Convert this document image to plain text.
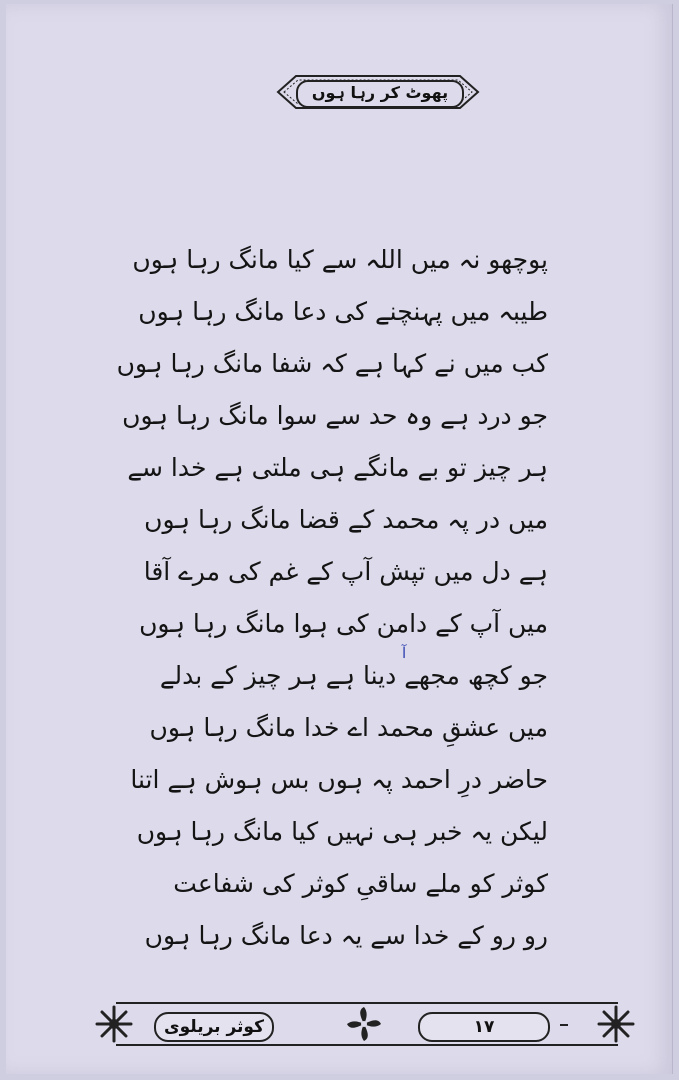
پھوٹ کر رہا ہوں
پوچھو نہ میں اللہ سے کیا مانگ رہا ہوں
طیبہ میں پہنچنے کی دعا مانگ رہا ہوں
کب میں نے کہا ہے کہ شفا مانگ رہا ہوں
جو درد ہے وہ حد سے سوا مانگ رہا ہوں
ہر چیز تو بے مانگے ہی ملتی ہے خدا سے
میں در پہ محمد کے قضا مانگ رہا ہوں
ہے دل میں تپش آپ کے غم کی مرے آقا
میں آپ کے دامن کی ہوا مانگ رہا ہوں
جو کچھ مجھے دینا ہے ہر چیز کے بدلے
میں عشقِ محمد اے خدا مانگ رہا ہوں
حاضر درِ احمد پہ ہوں بس ہوش ہے اتنا
لیکن یہ خبر ہی نہیں کیا مانگ رہا ہوں
کوثر کو ملے ساقیِ کوثر کی شفاعت
رو رو کے خدا سے یہ دعا مانگ رہا ہوں
آ
کوثر بریلوی	۱۷
